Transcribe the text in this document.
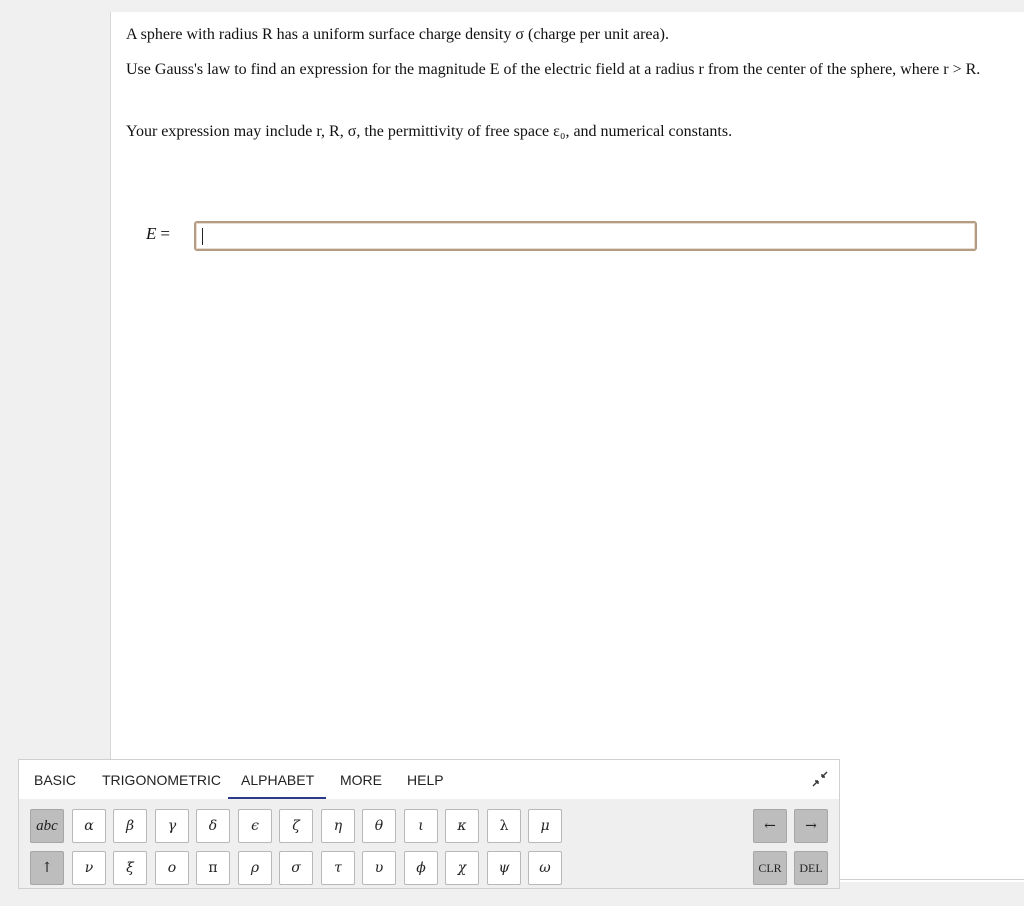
A sphere with radius R has a uniform surface charge density σ (charge per unit area).

Use Gauss's law to find an expression for the magnitude E of the electric field at a radius r from the center of the sphere, where r > R.

Your expression may include r, R, σ, the permittivity of free space ε₀, and numerical constants.

E =
BASIC TRIGONOMETRIC ALPHABET MORE HELP
abc	α	β	γ	δ	ϵ	ζ	η	θ	ι	κ	λ	μ
↑	ν	ξ	ο	π	ρ	σ	τ	υ	ϕ	χ	ψ	ω
←	→
CLR	DEL
